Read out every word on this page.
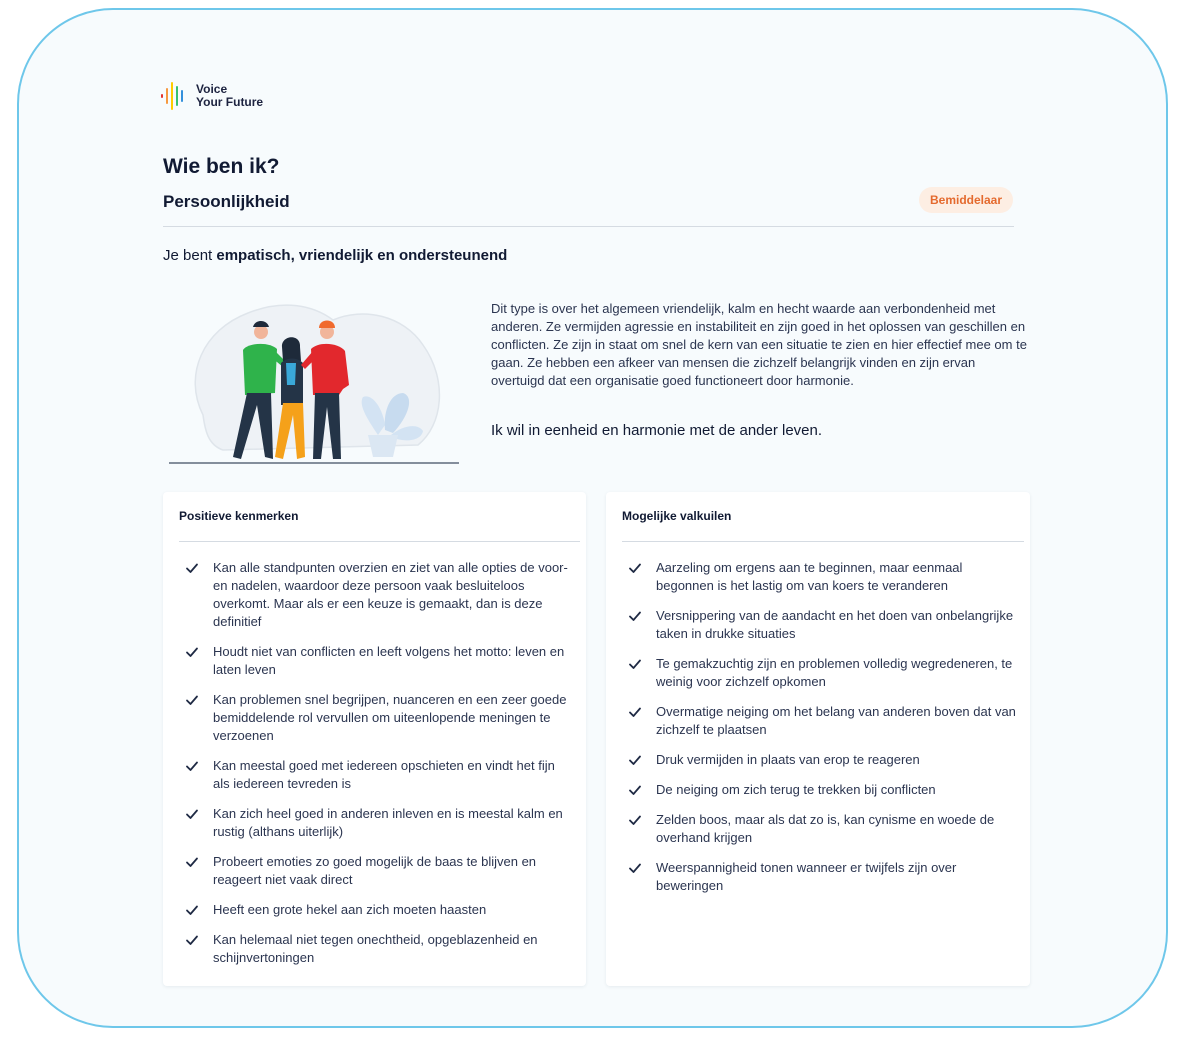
Voice
Your Future
Wie ben ik?
Persoonlijkheid	Bemiddelaar
Je bent empatisch, vriendelijk en ondersteunend

Dit type is over het algemeen vriendelijk, kalm en hecht waarde aan verbondenheid met anderen. Ze vermijden agressie en instabiliteit en zijn goed in het oplossen van geschillen en conflicten. Ze zijn in staat om snel de kern van een situatie te zien en hier effectief mee om te gaan. Ze hebben een afkeer van mensen die zichzelf belangrijk vinden en zijn ervan overtuigd dat een organisatie goed functioneert door harmonie.

Ik wil in eenheid en harmonie met de ander leven.

Positieve kenmerken
Kan alle standpunten overzien en ziet van alle opties de voor- en nadelen, waardoor deze persoon vaak besluiteloos overkomt. Maar als er een keuze is gemaakt, dan is deze definitief
Houdt niet van conflicten en leeft volgens het motto: leven en laten leven
Kan problemen snel begrijpen, nuanceren en een zeer goede bemiddelende rol vervullen om uiteenlopende meningen te verzoenen
Kan meestal goed met iedereen opschieten en vindt het fijn als iedereen tevreden is
Kan zich heel goed in anderen inleven en is meestal kalm en rustig (althans uiterlijk)
Probeert emoties zo goed mogelijk de baas te blijven en reageert niet vaak direct
Heeft een grote hekel aan zich moeten haasten
Kan helemaal niet tegen onechtheid, opgeblazenheid en schijnvertoningen
Mogelijke valkuilen
Aarzeling om ergens aan te beginnen, maar eenmaal begonnen is het lastig om van koers te veranderen
Versnippering van de aandacht en het doen van onbelangrijke taken in drukke situaties
Te gemakzuchtig zijn en problemen volledig wegredeneren, te weinig voor zichzelf opkomen
Overmatige neiging om het belang van anderen boven dat van zichzelf te plaatsen
Druk vermijden in plaats van erop te reageren
De neiging om zich terug te trekken bij conflicten
Zelden boos, maar als dat zo is, kan cynisme en woede de overhand krijgen
Weerspannigheid tonen wanneer er twijfels zijn over beweringen
